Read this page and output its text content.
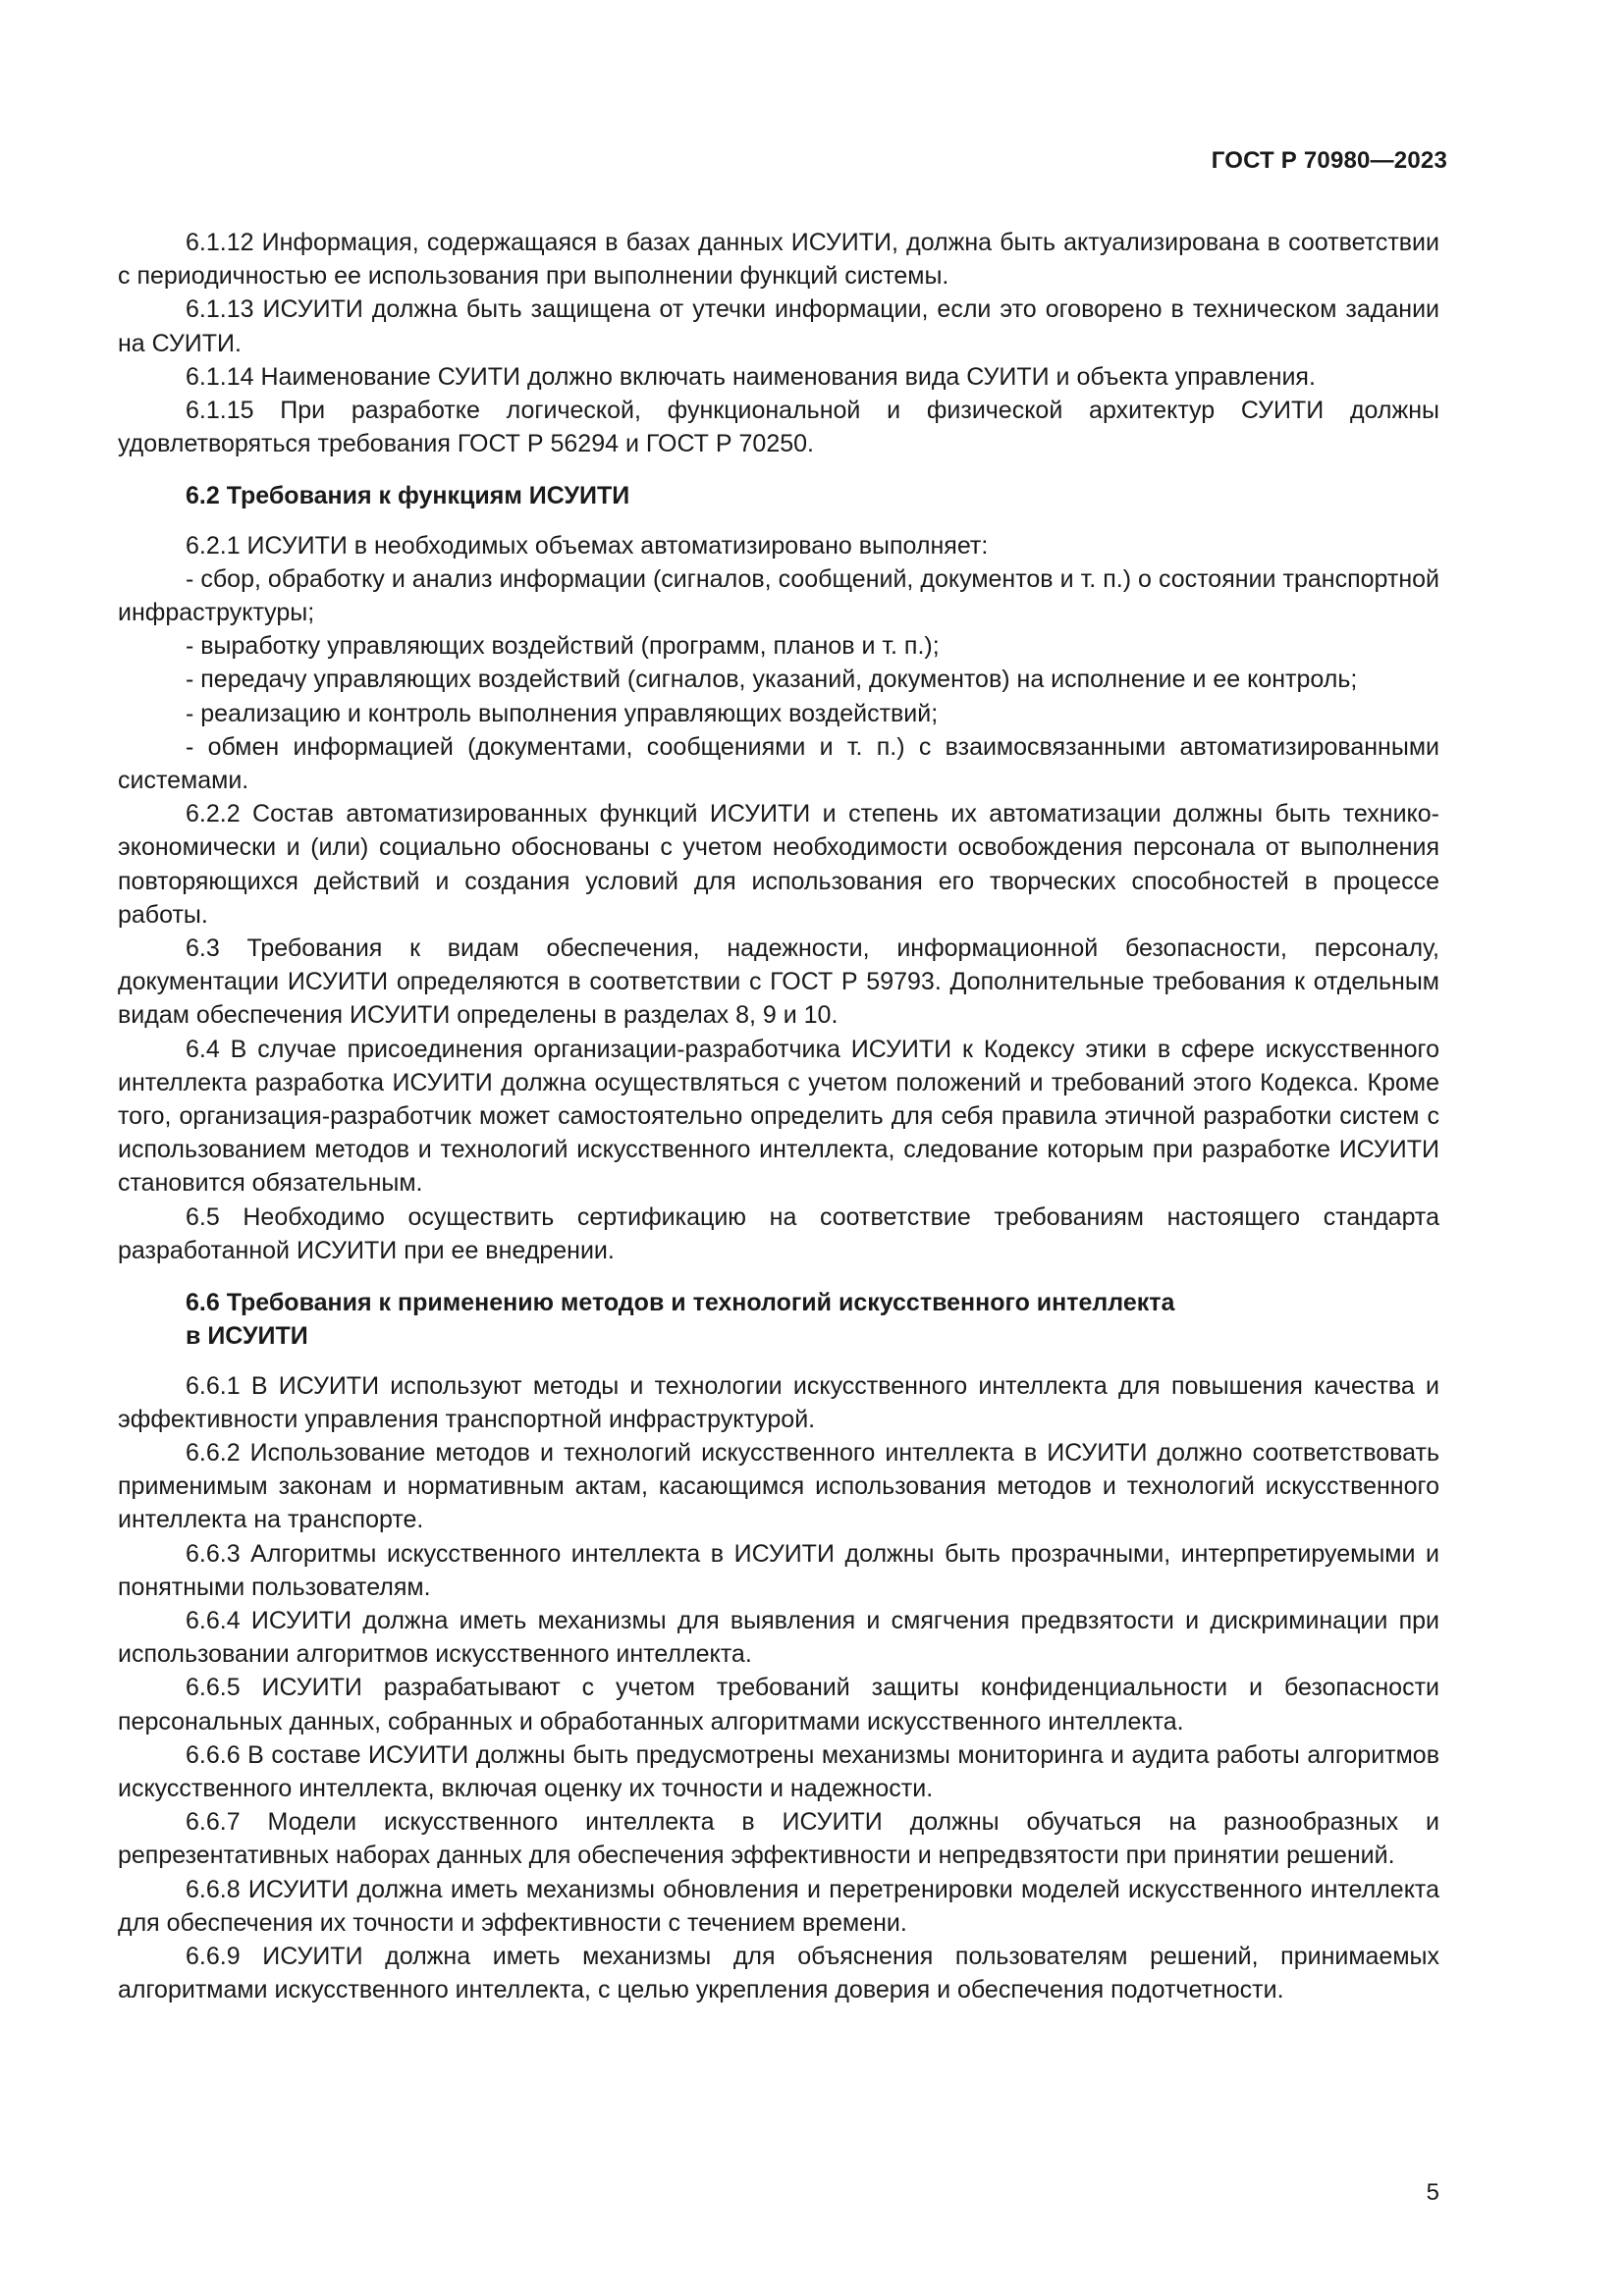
ГОСТ Р 70980—2023

6.1.12 Информация, содержащаяся в базах данных ИСУИТИ, должна быть актуализирована в соответствии с периодичностью ее использования при выполнении функций системы.

6.1.13 ИСУИТИ должна быть защищена от утечки информации, если это оговорено в техническом задании на СУИТИ.

6.1.14 Наименование СУИТИ должно включать наименования вида СУИТИ и объекта управления.

6.1.15 При разработке логической, функциональной и физической архитектур СУИТИ должны удовлетворяться требования ГОСТ Р 56294 и ГОСТ Р 70250.

6.2 Требования к функциям ИСУИТИ

6.2.1 ИСУИТИ в необходимых объемах автоматизировано выполняет:

- сбор, обработку и анализ информации (сигналов, сообщений, документов и т. п.) о состоянии транспортной инфраструктуры;

- выработку управляющих воздействий (программ, планов и т. п.);

- передачу управляющих воздействий (сигналов, указаний, документов) на исполнение и ее контроль;

- реализацию и контроль выполнения управляющих воздействий;

- обмен информацией (документами, сообщениями и т. п.) с взаимосвязанными автоматизированными системами.

6.2.2 Состав автоматизированных функций ИСУИТИ и степень их автоматизации должны быть технико-экономически и (или) социально обоснованы с учетом необходимости освобождения персонала от выполнения повторяющихся действий и создания условий для использования его творческих способностей в процессе работы.

6.3 Требования к видам обеспечения, надежности, информационной безопасности, персоналу, документации ИСУИТИ определяются в соответствии с ГОСТ Р 59793. Дополнительные требования к отдельным видам обеспечения ИСУИТИ определены в разделах 8, 9 и 10.

6.4 В случае присоединения организации-разработчика ИСУИТИ к Кодексу этики в сфере искусственного интеллекта разработка ИСУИТИ должна осуществляться с учетом положений и требований этого Кодекса. Кроме того, организация-разработчик может самостоятельно определить для себя правила этичной разработки систем с использованием методов и технологий искусственного интеллекта, следование которым при разработке ИСУИТИ становится обязательным.

6.5 Необходимо осуществить сертификацию на соответствие требованиям настоящего стандарта разработанной ИСУИТИ при ее внедрении.

6.6 Требования к применению методов и технологий искусственного интеллекта
в ИСУИТИ

6.6.1 В ИСУИТИ используют методы и технологии искусственного интеллекта для повышения качества и эффективности управления транспортной инфраструктурой.

6.6.2 Использование методов и технологий искусственного интеллекта в ИСУИТИ должно соответствовать применимым законам и нормативным актам, касающимся использования методов и технологий искусственного интеллекта на транспорте.

6.6.3 Алгоритмы искусственного интеллекта в ИСУИТИ должны быть прозрачными, интерпретируемыми и понятными пользователям.

6.6.4 ИСУИТИ должна иметь механизмы для выявления и смягчения предвзятости и дискриминации при использовании алгоритмов искусственного интеллекта.

6.6.5 ИСУИТИ разрабатывают с учетом требований защиты конфиденциальности и безопасности персональных данных, собранных и обработанных алгоритмами искусственного интеллекта.

6.6.6 В составе ИСУИТИ должны быть предусмотрены механизмы мониторинга и аудита работы алгоритмов искусственного интеллекта, включая оценку их точности и надежности.

6.6.7 Модели искусственного интеллекта в ИСУИТИ должны обучаться на разнообразных и репрезентативных наборах данных для обеспечения эффективности и непредвзятости при принятии решений.

6.6.8 ИСУИТИ должна иметь механизмы обновления и перетренировки моделей искусственного интеллекта для обеспечения их точности и эффективности с течением времени.

6.6.9 ИСУИТИ должна иметь механизмы для объяснения пользователям решений, принимаемых алгоритмами искусственного интеллекта, с целью укрепления доверия и обеспечения подотчетности.

5
